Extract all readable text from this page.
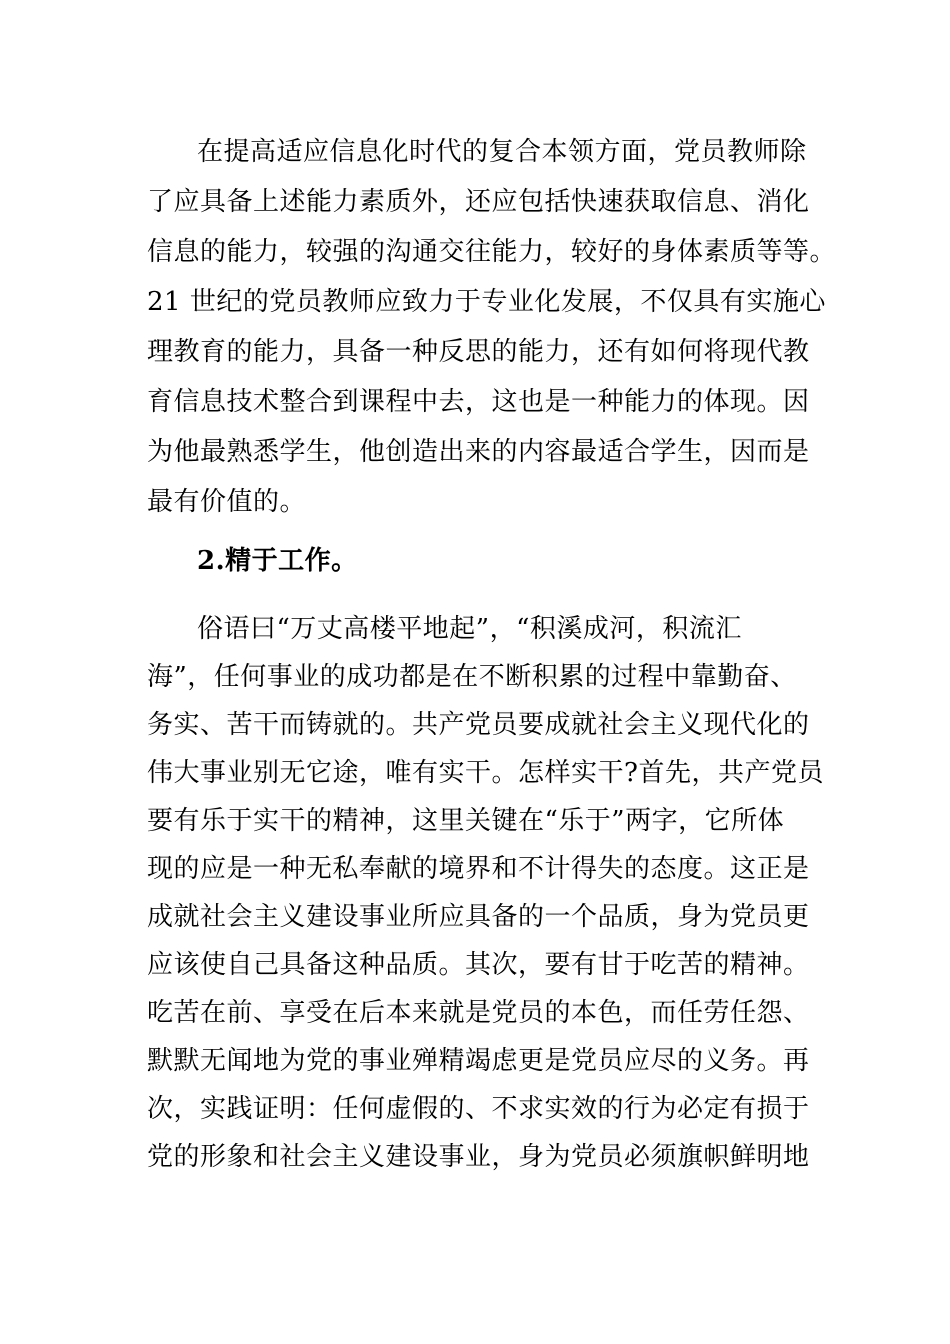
在提高适应信息化时代的复合本领方面，党员教师除
了应具备上述能力素质外，还应包括快速获取信息、消化
信息的能力，较强的沟通交往能力，较好的身体素质等等。
21 世纪的党员教师应致力于专业化发展，不仅具有实施心
理教育的能力，具备一种反思的能力，还有如何将现代教
育信息技术整合到课程中去，这也是一种能力的体现。因
为他最熟悉学生，他创造出来的内容最适合学生，因而是
最有价值的。
2.精于工作。
俗语曰“万丈高楼平地起”，“积溪成河，积流汇
海”，任何事业的成功都是在不断积累的过程中靠勤奋、
务实、苦干而铸就的。共产党员要成就社会主义现代化的
伟大事业别无它途，唯有实干。怎样实干?首先，共产党员
要有乐于实干的精神，这里关键在“乐于”两字，它所体
现的应是一种无私奉献的境界和不计得失的态度。这正是
成就社会主义建设事业所应具备的一个品质，身为党员更
应该使自己具备这种品质。其次，要有甘于吃苦的精神。
吃苦在前、享受在后本来就是党员的本色，而任劳任怨、
默默无闻地为党的事业殚精竭虑更是党员应尽的义务。再
次，实践证明：任何虚假的、不求实效的行为必定有损于
党的形象和社会主义建设事业，身为党员必须旗帜鲜明地
